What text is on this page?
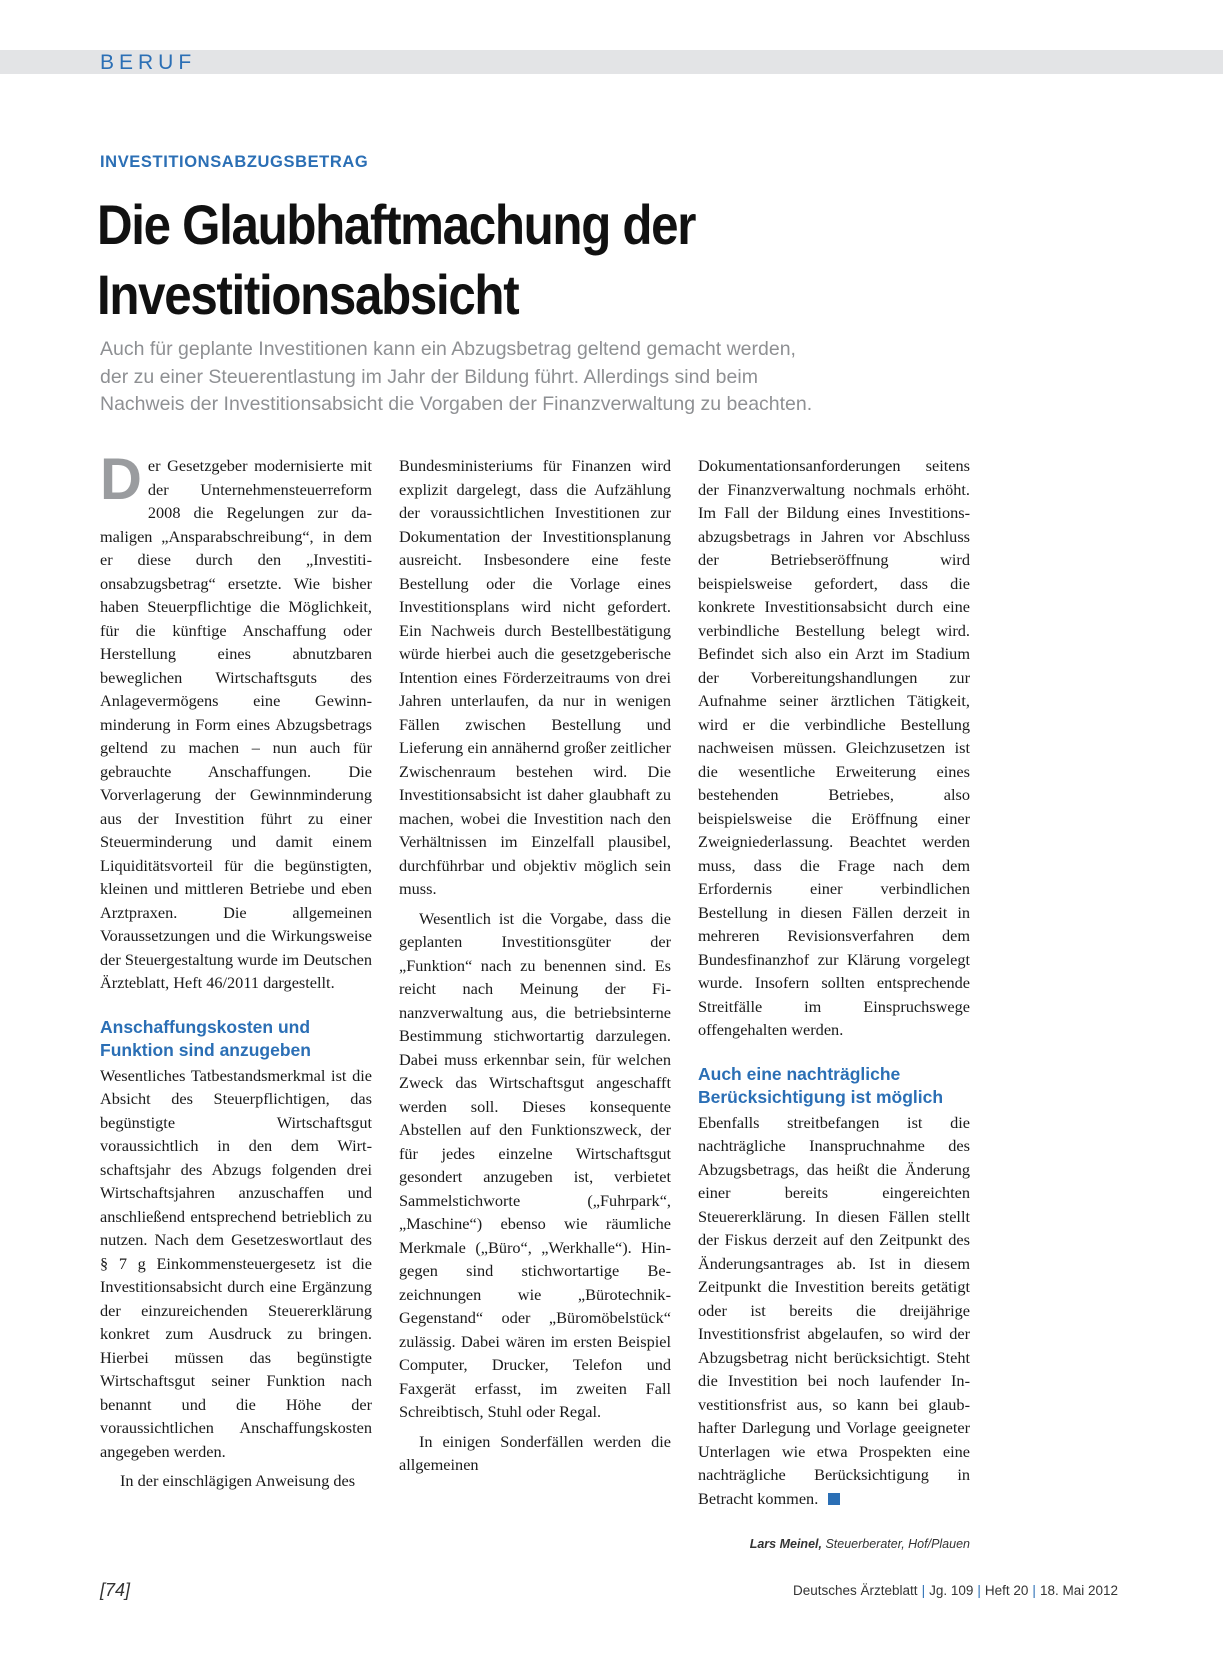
BERUF
INVESTITIONSABZUGSBETRAG
Die Glaubhaftmachung der
Investitionsabsicht
Auch für geplante Investitionen kann ein Abzugsbetrag geltend gemacht werden,
der zu einer Steuerentlastung im Jahr der Bildung führt. Allerdings sind beim
Nachweis der Investitionsabsicht die Vorgaben der Finanzverwaltung zu beachten.

Der Gesetzgeber modernisierte mit der Unternehmensteuerreform 2008 die Regelungen zur damaligen „Ansparabschreibung“, in dem er diese durch den „Investitionsabzugsbetrag“ ersetzte. Wie bisher haben Steuerpflichtige die Möglichkeit, für die künftige Anschaffung oder Herstellung eines abnutzbaren beweglichen Wirtschaftsguts des Anlagevermögens eine Gewinnminderung in Form eines Abzugsbetrags geltend zu machen – nun auch für gebrauchte Anschaffungen. Die Vorverlagerung der Gewinnminderung aus der Investition führt zu einer Steuerminderung und damit einem Liquiditätsvorteil für die begünstigten, kleinen und mittleren Betriebe und eben Arztpraxen. Die allgemeinen Voraussetzungen und die Wirkungsweise der Steuergestaltung wurde im Deutschen Ärzteblatt, Heft 46/2011 dargestellt.

Anschaffungskosten und Funktion sind anzugeben

Wesentliches Tatbestandsmerkmal ist die Absicht des Steuerpflichtigen, das begünstigte Wirtschaftsgut voraussichtlich in den dem Wirtschaftsjahr des Abzugs folgenden drei Wirtschaftsjahren anzuschaffen und anschließend entsprechend betrieblich zu nutzen. Nach dem Gesetzeswortlaut des § 7 g Einkommensteuergesetz ist die Investitionsabsicht durch eine Ergänzung der einzureichenden Steuererklärung konkret zum Ausdruck zu bringen. Hierbei müssen das begünstigte Wirtschaftsgut seiner Funktion nach benannt und die Höhe der voraussichtlichen Anschaffungskosten angegeben werden.

In der einschlägigen Anweisung des

Bundesministeriums für Finanzen wird explizit dargelegt, dass die Aufzählung der voraussichtlichen Investitionen zur Dokumentation der Investitionsplanung ausreicht. Insbesondere eine feste Bestellung oder die Vorlage eines Investitionsplans wird nicht gefordert. Ein Nachweis durch Bestellbestätigung würde hierbei auch die gesetzgeberische Intention eines Förderzeitraums von drei Jahren unterlaufen, da nur in wenigen Fällen zwischen Bestellung und Lieferung ein annähernd großer zeitlicher Zwischenraum bestehen wird. Die Investitionsabsicht ist daher glaubhaft zu machen, wobei die Investition nach den Verhältnissen im Einzelfall plausibel, durchführbar und objektiv möglich sein muss.

Wesentlich ist die Vorgabe, dass die geplanten Investitionsgüter der „Funktion“ nach zu benennen sind. Es reicht nach Meinung der Finanzverwaltung aus, die betriebsinterne Bestimmung stichwortartig darzulegen. Dabei muss erkennbar sein, für welchen Zweck das Wirtschaftsgut angeschafft werden soll. Dieses konsequente Abstellen auf den Funktionszweck, der für jedes einzelne Wirtschaftsgut gesondert anzugeben ist, verbietet Sammelstichworte („Fuhrpark“, „Maschine“) ebenso wie räumliche Merkmale („Büro“, „Werkhalle“). Hingegen sind stichwortartige Bezeichnungen wie „Bürotechnik-Gegenstand“ oder „Büromöbelstück“ zulässig. Dabei wären im ersten Beispiel Computer, Drucker, Telefon und Faxgerät erfasst, im zweiten Fall Schreibtisch, Stuhl oder Regal.

In einigen Sonderfällen werden die allgemeinen

Dokumentationsanforderungen seitens der Finanzverwaltung nochmals erhöht. Im Fall der Bildung eines Investitionsabzugsbetrags in Jahren vor Abschluss der Betriebseröffnung wird beispielsweise gefordert, dass die konkrete Investitionsabsicht durch eine verbindliche Bestellung belegt wird. Befindet sich also ein Arzt im Stadium der Vorbereitungshandlungen zur Aufnahme seiner ärztlichen Tätigkeit, wird er die verbindliche Bestellung nachweisen müssen. Gleichzusetzen ist die wesentliche Erweiterung eines bestehenden Betriebes, also beispielsweise die Eröffnung einer Zweigniederlassung. Beachtet werden muss, dass die Frage nach dem Erfordernis einer verbindlichen Bestellung in diesen Fällen derzeit in mehreren Revisionsverfahren dem Bundesfinanzhof zur Klärung vorgelegt wurde. Insofern sollten entsprechende Streitfälle im Einspruchswege offengehalten werden.

Auch eine nachträgliche Berücksichtigung ist möglich

Ebenfalls streitbefangen ist die nachträgliche Inanspruchnahme des Abzugsbetrags, das heißt die Änderung einer bereits eingereichten Steuererklärung. In diesen Fällen stellt der Fiskus derzeit auf den Zeitpunkt des Änderungsantrages ab. Ist in diesem Zeitpunkt die Investition bereits getätigt oder ist bereits die dreijährige Investitionsfrist abgelaufen, so wird der Abzugsbetrag nicht berücksichtigt. Steht die Investition bei noch laufender Investitionsfrist aus, so kann bei glaubhafter Darlegung und Vorlage geeigneter Unterlagen wie etwa Prospekten eine nachträgliche Berücksichtigung in Betracht kommen.

Lars Meinel, Steuerberater, Hof/Plauen
[74]	Deutsches Ärzteblatt | Jg. 109 | Heft 20 | 18. Mai 2012
